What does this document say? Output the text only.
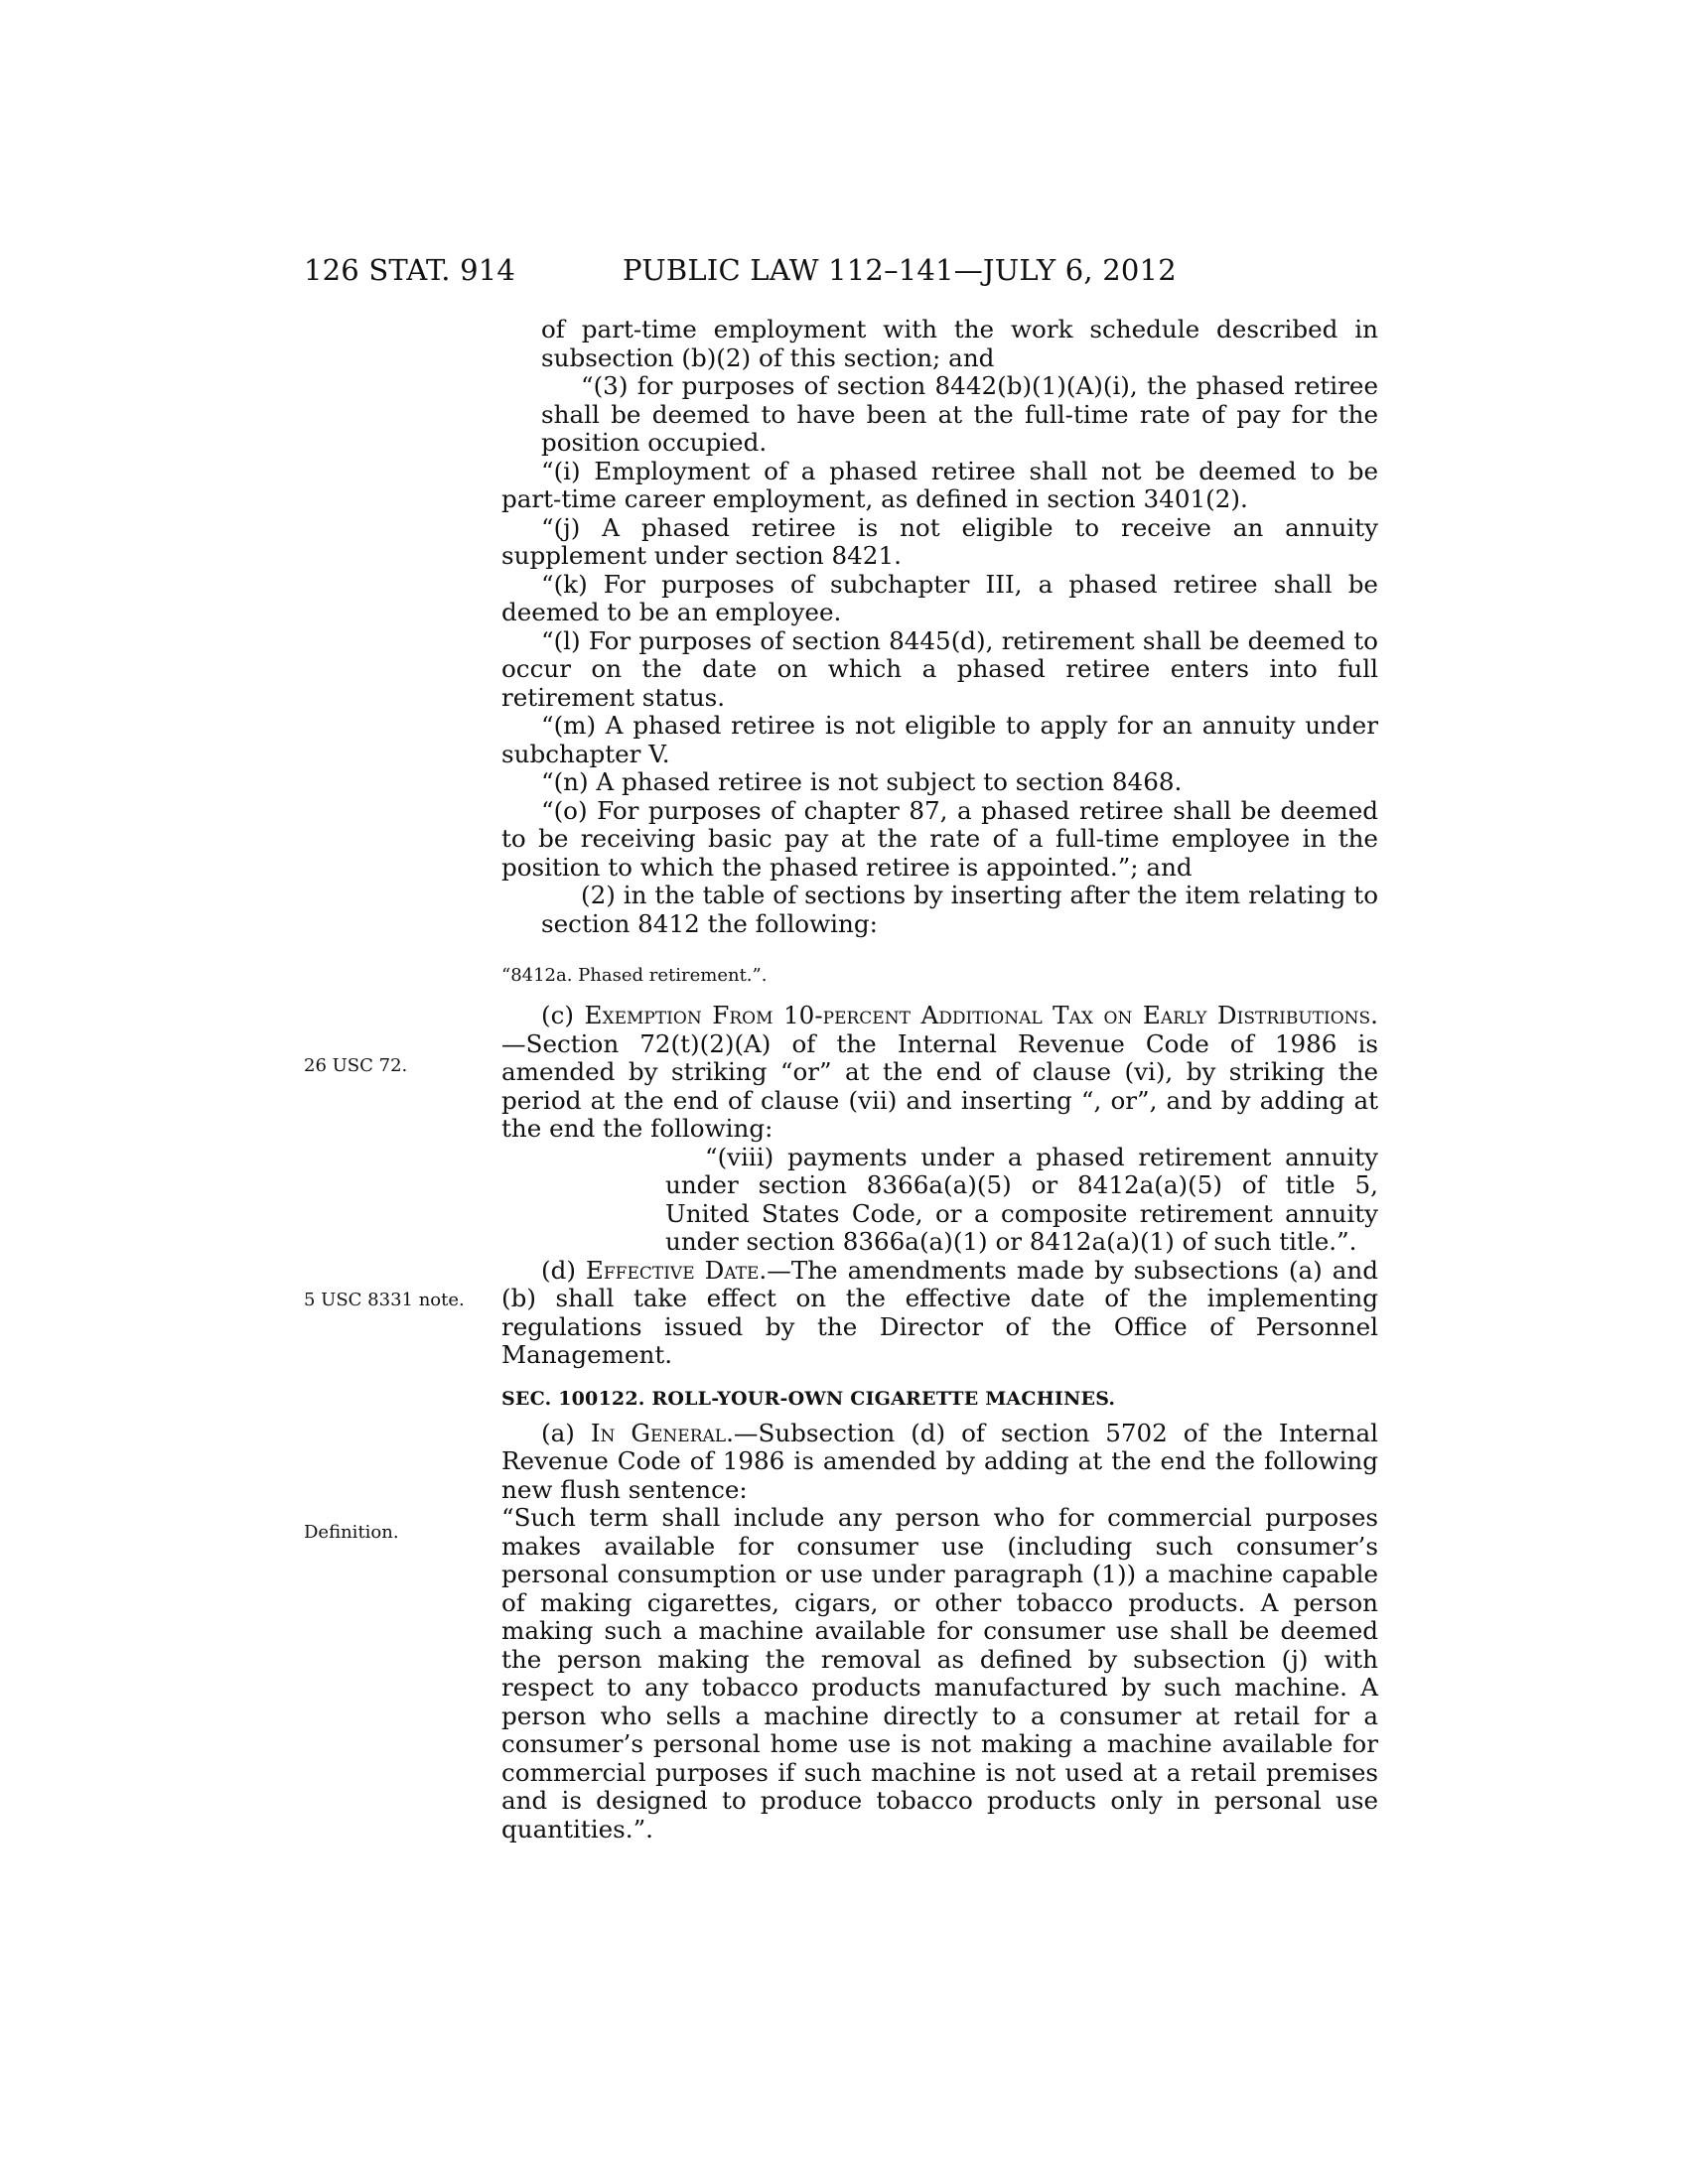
126 STAT. 914	PUBLIC LAW 112–141—JULY 6, 2012
26 USC 72.
5 USC 8331 note.
Definition.

of part-time employment with the work schedule described in subsection (b)(2) of this section; and

“(3) for purposes of section 8442(b)(1)(A)(i), the phased retiree shall be deemed to have been at the full-time rate of pay for the position occupied.

“(i) Employment of a phased retiree shall not be deemed to be part-time career employment, as defined in section 3401(2).

“(j) A phased retiree is not eligible to receive an annuity supplement under section 8421.

“(k) For purposes of subchapter III, a phased retiree shall be deemed to be an employee.

“(l) For purposes of section 8445(d), retirement shall be deemed to occur on the date on which a phased retiree enters into full retirement status.

“(m) A phased retiree is not eligible to apply for an annuity under subchapter V.

“(n) A phased retiree is not subject to section 8468.

“(o) For purposes of chapter 87, a phased retiree shall be deemed to be receiving basic pay at the rate of a full-time employee in the position to which the phased retiree is appointed.”; and

(2) in the table of sections by inserting after the item relating to section 8412 the following:

“8412a. Phased retirement.”.

(c) Exemption From 10-percent Additional Tax on Early Distributions.—Section 72(t)(2)(A) of the Internal Revenue Code of 1986 is amended by striking “or” at the end of clause (vi), by striking the period at the end of clause (vii) and inserting “, or”, and by adding at the end the following:

“(viii) payments under a phased retirement annuity under section 8366a(a)(5) or 8412a(a)(5) of title 5, United States Code, or a composite retirement annuity under section 8366a(a)(1) or 8412a(a)(1) of such title.”.

(d) Effective Date.—The amendments made by subsections (a) and (b) shall take effect on the effective date of the implementing regulations issued by the Director of the Office of Personnel Management.

SEC. 100122. ROLL-YOUR-OWN CIGARETTE MACHINES.

(a) In General.—Subsection (d) of section 5702 of the Internal Revenue Code of 1986 is amended by adding at the end the following new flush sentence:

“Such term shall include any person who for commercial purposes makes available for consumer use (including such consumer’s personal consumption or use under paragraph (1)) a machine capable of making cigarettes, cigars, or other tobacco products. A person making such a machine available for consumer use shall be deemed the person making the removal as defined by subsection (j) with respect to any tobacco products manufactured by such machine. A person who sells a machine directly to a consumer at retail for a consumer’s personal home use is not making a machine available for commercial purposes if such machine is not used at a retail premises and is designed to produce tobacco products only in personal use quantities.”.
